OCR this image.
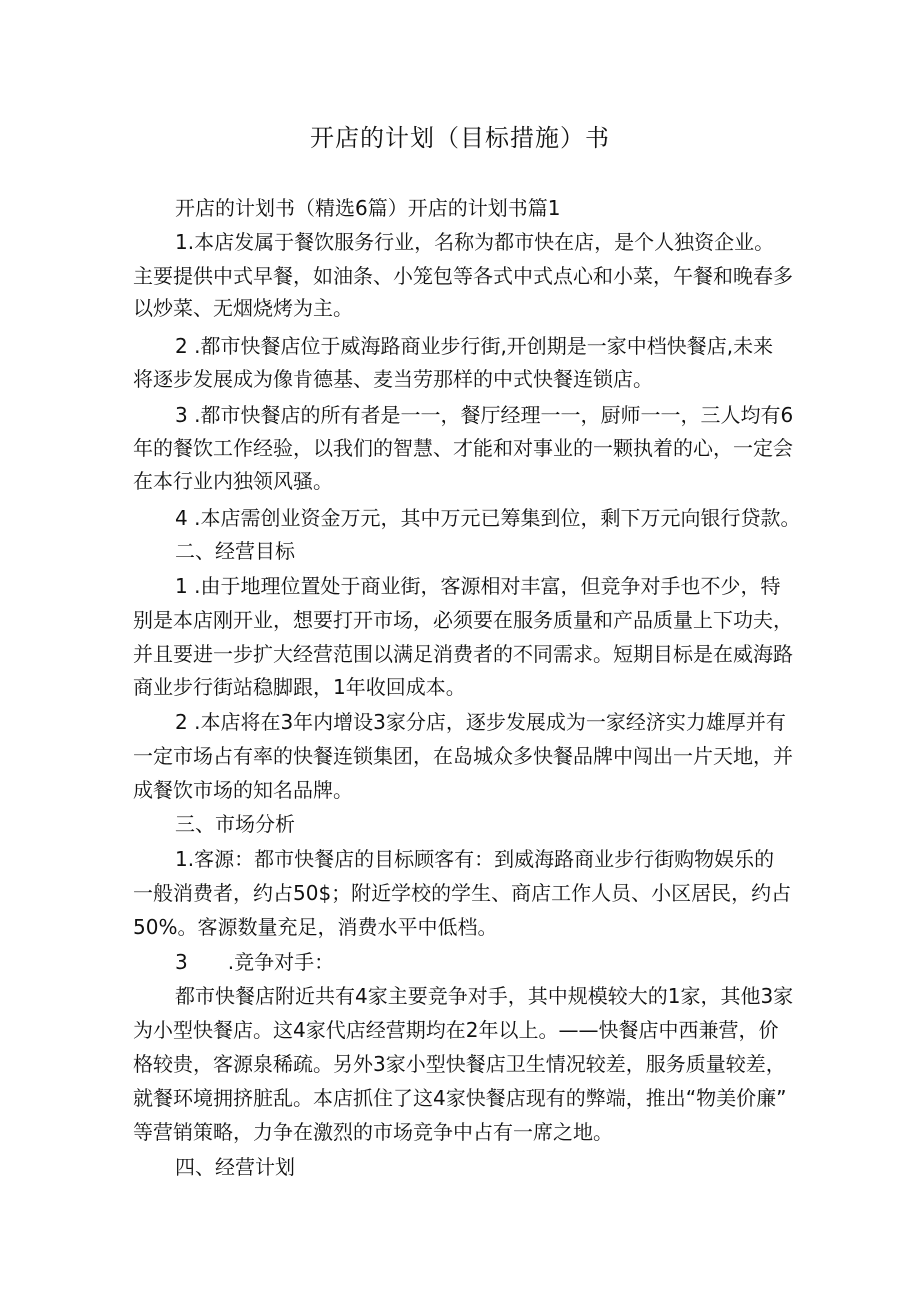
开店的计划（目标措施）书
开店的计划书（精选6篇）开店的计划书篇1
1.本店发属于餐饮服务行业，名称为都市快在店，是个人独资企业。
主要提供中式早餐，如油条、小笼包等各式中式点心和小菜，午餐和晚春多
以炒菜、无烟烧烤为主。
2 .都市快餐店位于威海路商业步行街,开创期是一家中档快餐店,未来
将逐步发展成为像肯德基、麦当劳那样的中式快餐连锁店。
3 .都市快餐店的所有者是一一，餐厅经理一一，厨师一一，三人均有6
年的餐饮工作经验，以我们的智慧、才能和对事业的一颗执着的心，一定会
在本行业内独领风骚。
4 .本店需创业资金万元，其中万元已筹集到位，剩下万元向银行贷款。
二、经营目标
1 .由于地理位置处于商业街，客源相对丰富，但竞争对手也不少，特
别是本店刚开业，想要打开市场，必须要在服务质量和产品质量上下功夫，
并且要进一步扩大经营范围以满足消费者的不同需求。短期目标是在威海路
商业步行街站稳脚跟，1年收回成本。
2 .本店将在3年内增设3家分店，逐步发展成为一家经济实力雄厚并有
一定市场占有率的快餐连锁集团，在岛城众多快餐品牌中闯出一片天地，并
成餐饮市场的知名品牌。
三、市场分析
1.客源：都市快餐店的目标顾客有：到威海路商业步行街购物娱乐的
一般消费者，约占50$；附近学校的学生、商店工作人员、小区居民，约占
50%。客源数量充足，消费水平中低档。
3　　.竞争对手：
都市快餐店附近共有4家主要竞争对手，其中规模较大的1家，其他3家
为小型快餐店。这4家代店经营期均在2年以上。——快餐店中西兼营，价
格较贵，客源泉稀疏。另外3家小型快餐店卫生情况较差，服务质量较差，
就餐环境拥挤脏乱。本店抓住了这4家快餐店现有的弊端，推出“物美价廉”
等营销策略，力争在激烈的市场竞争中占有一席之地。
四、经营计划
